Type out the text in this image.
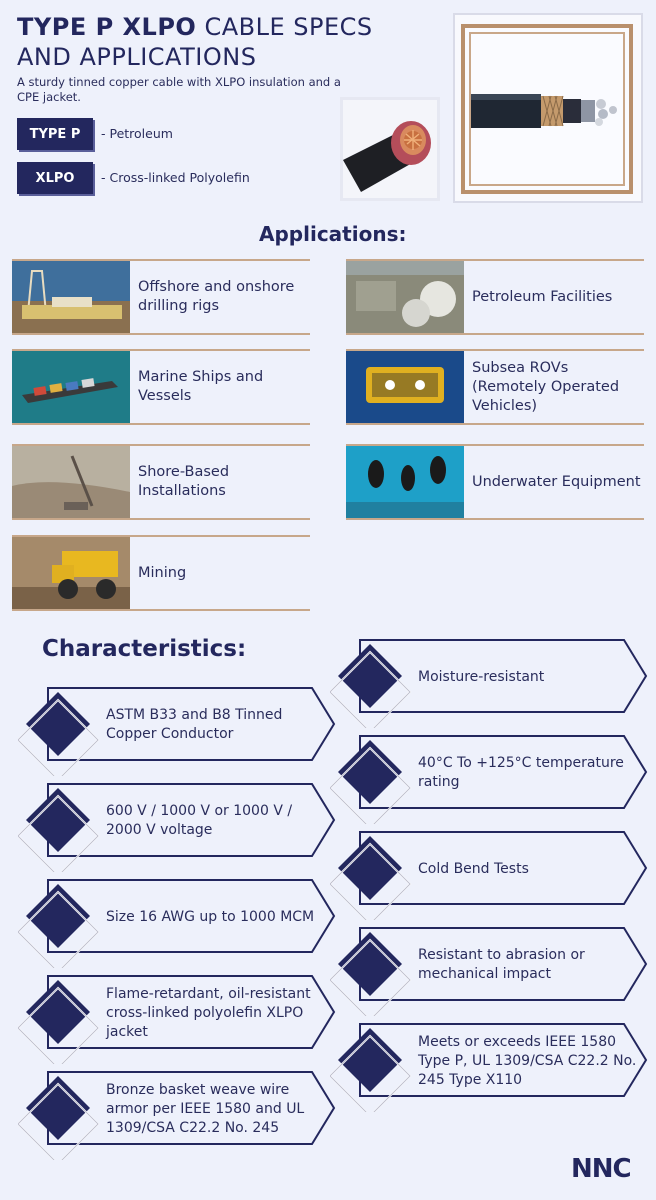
TYPE P XLPO CABLE SPECS
AND APPLICATIONS
A sturdy tinned copper cable with XLPO insulation and a CPE jacket.
TYPE P	- Petroleum
XLPO	- Cross-linked Polyolefin
Applications:
Offshore and onshore drilling rigs
Marine Ships and Vessels
Shore-Based Installations
Mining
Petroleum Facilities
Subsea ROVs (Remotely Operated Vehicles)
Underwater Equipment
Characteristics:
ASTM B33 and B8 Tinned Copper Conductor
600 V / 1000 V or 1000 V / 2000 V voltage
Size 16 AWG up to 1000 MCM
Flame-retardant, oil-resistant cross-linked polyolefin XLPO jacket
Bronze basket weave wire armor per IEEE 1580 and UL 1309/CSA C22.2 No. 245
Moisture-resistant
40°C To +125°C temperature rating
Cold Bend Tests
Resistant to abrasion or mechanical impact
Meets or exceeds IEEE 1580 Type P, UL 1309/CSA C22.2 No. 245 Type X110
NNC
